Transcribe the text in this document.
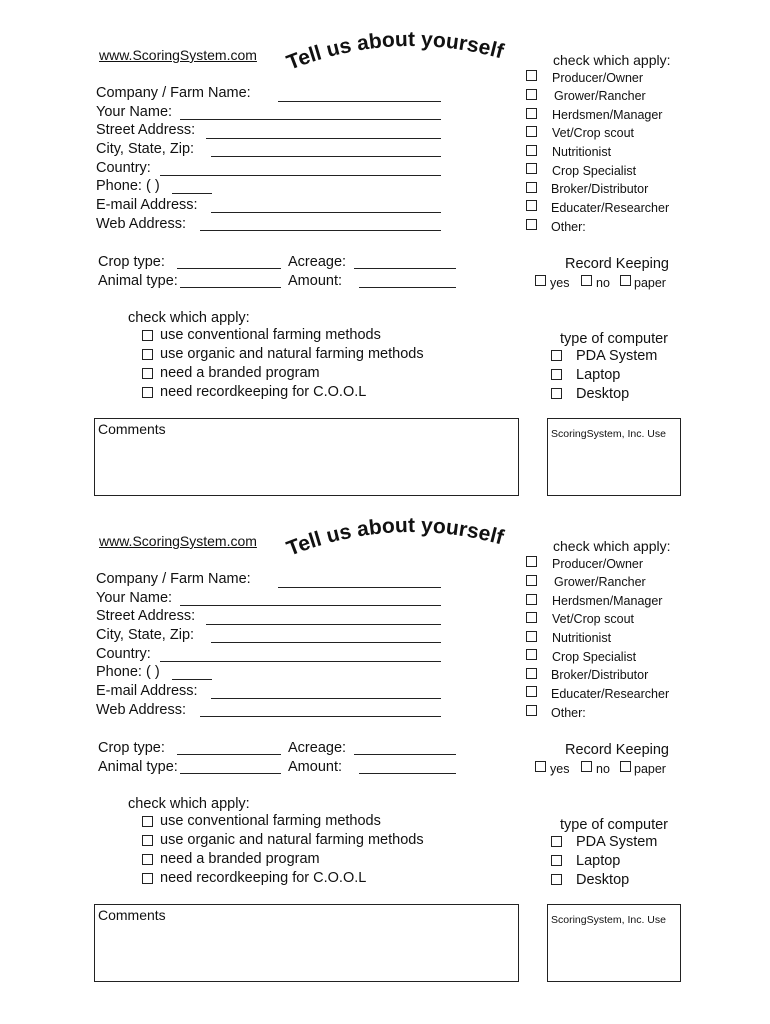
www.ScoringSystem.com Tell us about yourself
Company / Farm Name:
Your Name:
Street Address:
City, State, Zip:
Country:
Phone: ( )
E-mail Address:
Web Address:
Crop type:	Acreage:
Animal type:	Amount:
check which apply:
use conventional farming methods
use organic and natural farming methods
need a branded program
need recordkeeping for C.O.O.L
check which apply:
Producer/Owner
Grower/Rancher
Herdsmen/Manager
Vet/Crop scout
Nutritionist
Crop Specialist
Broker/Distributor
Educater/Researcher
Other:
Record Keeping
yes no paper
type of computer
PDA System
Laptop
Desktop
Comments	ScoringSystem, Inc. Use
www.ScoringSystem.com Tell us about yourself
Company / Farm Name:
Your Name:
Street Address:
City, State, Zip:
Country:
Phone: ( )
E-mail Address:
Web Address:
Crop type:	Acreage:
Animal type:	Amount:
check which apply:
use conventional farming methods
use organic and natural farming methods
need a branded program
need recordkeeping for C.O.O.L
check which apply:
Producer/Owner
Grower/Rancher
Herdsmen/Manager
Vet/Crop scout
Nutritionist
Crop Specialist
Broker/Distributor
Educater/Researcher
Other:
Record Keeping
yes no paper
type of computer
PDA System
Laptop
Desktop
Comments	ScoringSystem, Inc. Use
